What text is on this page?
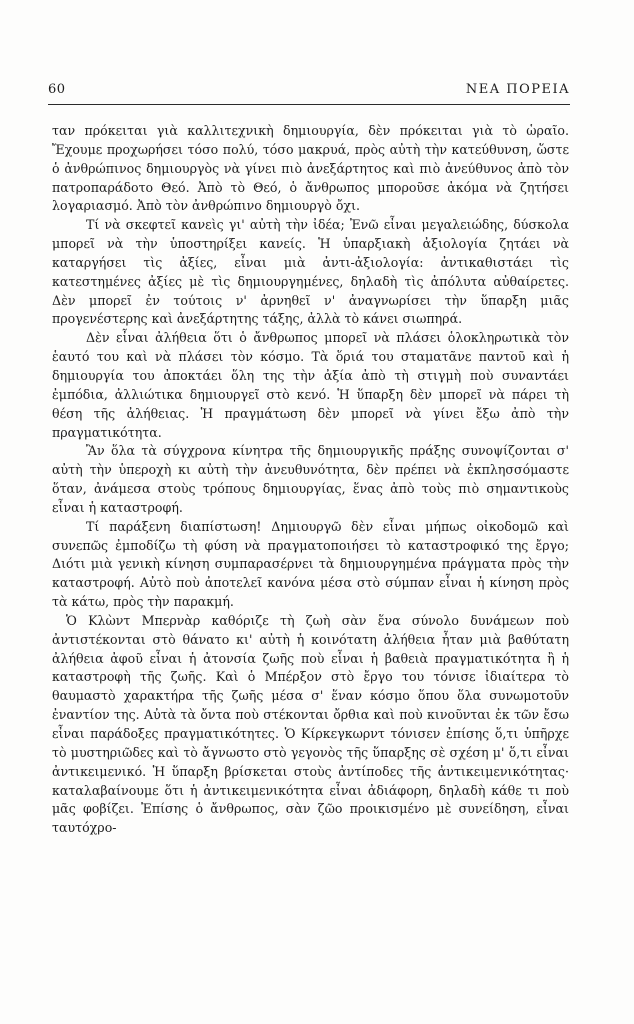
60	ΝΕΑ ΠΟΡΕΙΑ

ταν πρόκειται γιὰ καλλιτεχνικὴ δημιουργία, δὲν πρόκειται γιὰ τὸ ὡραῖο. Ἔχουμε προχωρήσει τόσο πολύ, τόσο μακρυά, πρὸς αὐτὴ τὴν κατεύθυνση, ὥστε ὁ ἀνθρώπινος δημιουργὸς νὰ γίνει πιὸ ἀνεξάρτητος καὶ πιὸ ἀνεύθυνος ἀπὸ τὸν πατροπαράδοτο Θεό. Ἀπὸ τὸ Θεό, ὁ ἄνθρωπος μποροῦσε ἀκόμα νὰ ζητήσει λογαριασμό. Ἀπὸ τὸν ἀνθρώπινο δημιουργὸ ὄχι.

Τί νὰ σκεφτεῖ κανεὶς γι' αὐτὴ τὴν ἰδέα; Ἐνῶ εἶναι μεγαλειώδης, δύσκολα μπορεῖ νὰ τὴν ὑποστηρίξει κανείς. Ἡ ὑπαρξιακὴ ἀξιολογία ζητάει νὰ καταργήσει τὶς ἀξίες, εἶναι μιὰ ἀντι-ἀξιολογία: ἀντικαθιστάει τὶς κατεστημένες ἀξίες μὲ τὶς δημιουργημένες, δηλαδὴ τὶς ἀπόλυτα αὐθαίρετες. Δὲν μπορεῖ ἐν τούτοις ν' ἀρνηθεῖ ν' ἀναγνωρίσει τὴν ὕπαρξη μιᾶς προγενέστερης καὶ ἀνεξάρτητης τάξης, ἀλλὰ τὸ κάνει σιωπηρά.

Δὲν εἶναι ἀλήθεια ὅτι ὁ ἄνθρωπος μπορεῖ νὰ πλάσει ὁλοκληρωτικὰ τὸν ἑαυτό του καὶ νὰ πλάσει τὸν κόσμο. Τὰ ὅριά του σταματᾶνε παντοῦ καὶ ἡ δημιουργία του ἀποκτάει ὅλη της τὴν ἀξία ἀπὸ τὴ στιγμὴ ποὺ συναντάει ἐμπόδια, ἀλλιώτικα δημιουργεῖ στὸ κενό. Ἡ ὕπαρξη δὲν μπορεῖ νὰ πάρει τὴ θέση τῆς ἀλήθειας. Ἡ πραγμάτωση δὲν μπορεῖ νὰ γίνει ἔξω ἀπὸ τὴν πραγματικότητα.

Ἂν ὅλα τὰ σύγχρονα κίνητρα τῆς δημιουργικῆς πράξης συνοψίζονται σ' αὐτὴ τὴν ὑπεροχὴ κι αὐτὴ τὴν ἀνευθυνότητα, δὲν πρέπει νὰ ἐκπλησσόμαστε ὅταν, ἀνάμεσα στοὺς τρόπους δημιουργίας, ἕνας ἀπὸ τοὺς πιὸ σημαντικοὺς εἶναι ἡ καταστροφή.

Τί παράξενη διαπίστωση! Δημιουργῶ δὲν εἶναι μήπως οἰκοδομῶ καὶ συνεπῶς ἐμποδίζω τὴ φύση νὰ πραγματοποιήσει τὸ καταστροφικό της ἔργο; Διότι μιὰ γενικὴ κίνηση συμπαρασέρνει τὰ δημιουργημένα πράγματα πρὸς τὴν καταστροφή. Αὐτὸ ποὺ ἀποτελεῖ κανόνα μέσα στὸ σύμπαν εἶναι ἡ κίνηση πρὸς τὰ κάτω, πρὸς τὴν παρακμή.

Ὁ Κλὼντ Μπερνὰρ καθόριζε τὴ ζωὴ σὰν ἕνα σύνολο δυνάμεων ποὺ ἀντιστέκονται στὸ θάνατο κι' αὐτὴ ἡ κοινότατη ἀλήθεια ἦταν μιὰ βαθύτατη ἀλήθεια ἀφοῦ εἶναι ἡ ἀτονσία ζωῆς ποὺ εἶναι ἡ βαθειὰ πραγματικότητα ἢ ἡ καταστροφὴ τῆς ζωῆς. Καὶ ὁ Μπέρξον στὸ ἔργο του τόνισε ἰδιαίτερα τὸ θαυμαστὸ χαρακτήρα τῆς ζωῆς μέσα σ' ἕναν κόσμο ὅπου ὅλα συνωμοτοῦν ἐναντίον της. Αὐτὰ τὰ ὄντα ποὺ στέκονται ὄρθια καὶ ποὺ κινοῦνται ἐκ τῶν ἔσω εἶναι παράδοξες πραγματικότητες. Ὁ Κίρκεγκωρντ τόνισεν ἐπίσης ὅ,τι ὑπῆρχε τὸ μυστηριῶδες καὶ τὸ ἄγνωστο στὸ γεγονὸς τῆς ὕπαρξης σὲ σχέση μ' ὅ,τι εἶναι ἀντικειμενικό. Ἡ ὕπαρξη βρίσκεται στοὺς ἀντίποδες τῆς ἀντικειμενικότητας· καταλαβαίνουμε ὅτι ἡ ἀντικειμενικότητα εἶναι ἀδιάφορη, δηλαδὴ κάθε τι ποὺ μᾶς φοβίζει. Ἐπίσης ὁ ἄνθρωπος, σὰν ζῶο προικισμένο μὲ συνείδηση, εἶναι ταυτόχρο-
